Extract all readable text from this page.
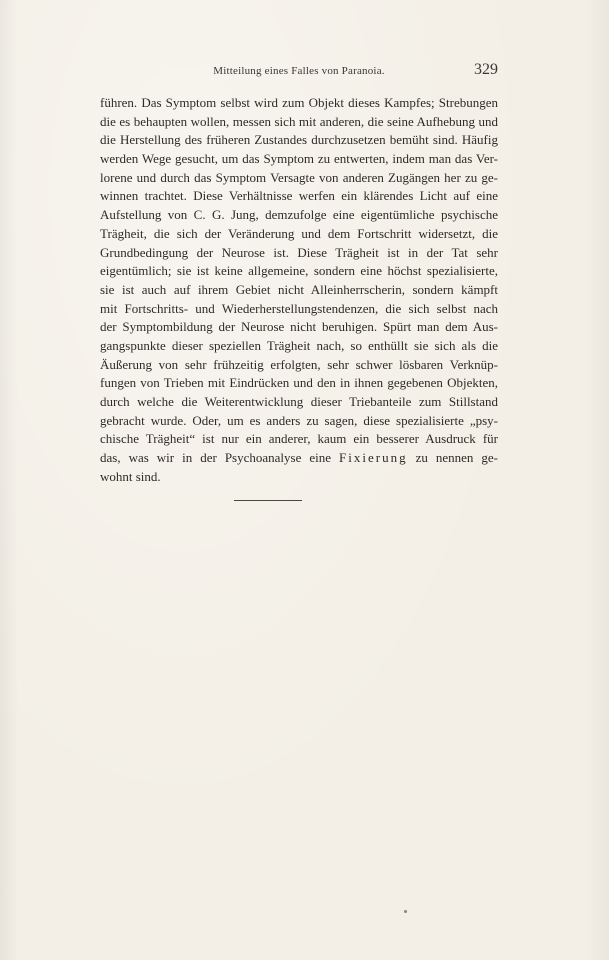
Mitteilung eines Falles von Paranoia.	329
führen. Das Symptom selbst wird zum Objekt dieses Kampfes; Strebungen
die es behaupten wollen, messen sich mit anderen, die seine Aufhebung und
die Herstellung des früheren Zustandes durchzusetzen bemüht sind. Häufig
werden Wege gesucht, um das Symptom zu entwerten, indem man das Ver-
lorene und durch das Symptom Versagte von anderen Zugängen her zu ge-
winnen trachtet. Diese Verhältnisse werfen ein klärendes Licht auf eine
Aufstellung von C. G. Jung, demzufolge eine eigentümliche psychische
Trägheit, die sich der Veränderung und dem Fortschritt widersetzt, die
Grundbedingung der Neurose ist. Diese Trägheit ist in der Tat sehr
eigentümlich; sie ist keine allgemeine, sondern eine höchst spezialisierte,
sie ist auch auf ihrem Gebiet nicht Alleinherrscherin, sondern kämpft
mit Fortschritts- und Wiederherstellungstendenzen, die sich selbst nach
der Symptombildung der Neurose nicht beruhigen. Spürt man dem Aus-
gangspunkte dieser speziellen Trägheit nach, so enthüllt sie sich als die
Äußerung von sehr frühzeitig erfolgten, sehr schwer lösbaren Verknüp-
fungen von Trieben mit Eindrücken und den in ihnen gegebenen Objekten,
durch welche die Weiterentwicklung dieser Triebanteile zum Stillstand
gebracht wurde. Oder, um es anders zu sagen, diese spezialisierte „psy-
chische Trägheit“ ist nur ein anderer, kaum ein besserer Ausdruck für
das, was wir in der Psychoanalyse eine Fixierung zu nennen ge-
wohnt sind.
